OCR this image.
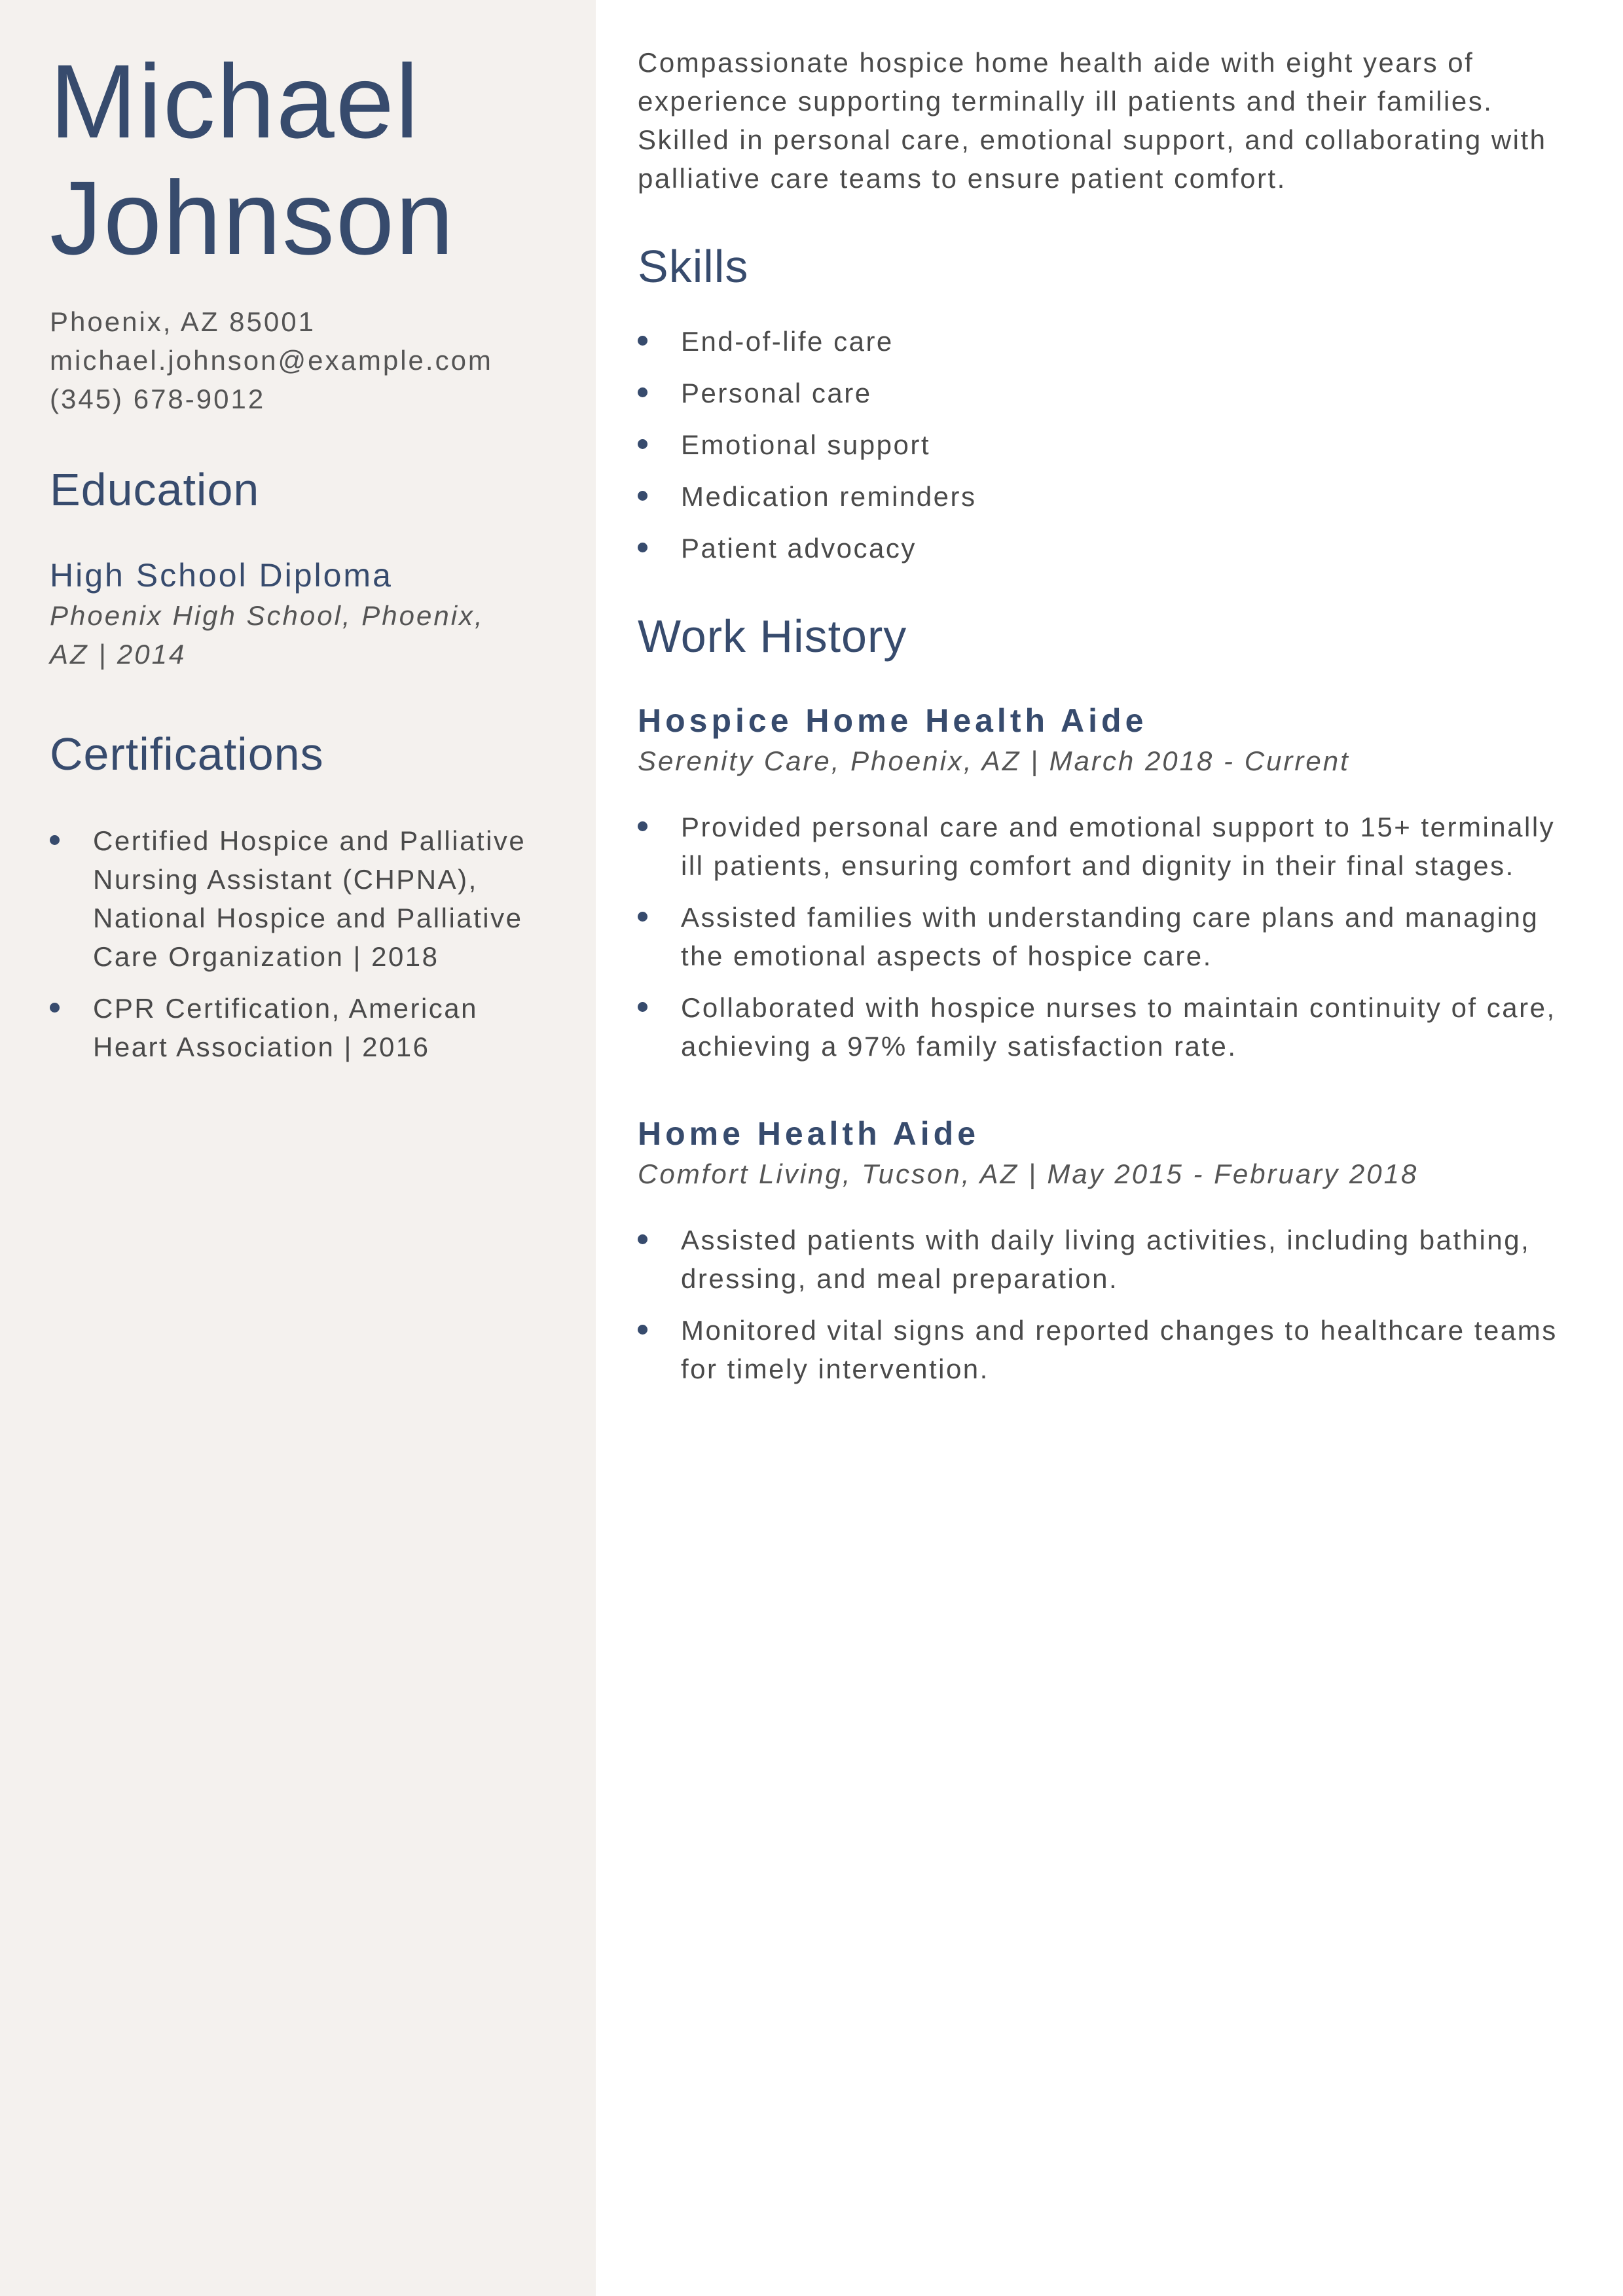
Michael
Johnson
Phoenix, AZ 85001
michael.johnson@example.com
(345) 678-9012
Education
High School Diploma
Phoenix High School, Phoenix, AZ | 2014
Certifications
Certified Hospice and Palliative Nursing Assistant (CHPNA), National Hospice and Palliative Care Organization | 2018
CPR Certification, American Heart Association | 2016

Compassionate hospice home health aide with eight years of experience supporting terminally ill patients and their families. Skilled in personal care, emotional support, and collaborating with palliative care teams to ensure patient comfort.

Skills
End-of-life care
Personal care
Emotional support
Medication reminders
Patient advocacy
Work History
Hospice Home Health Aide
Serenity Care, Phoenix, AZ | March 2018 - Current
Provided personal care and emotional support to 15+ terminally ill patients, ensuring comfort and dignity in their final stages.
Assisted families with understanding care plans and managing the emotional aspects of hospice care.
Collaborated with hospice nurses to maintain continuity of care, achieving a 97% family satisfaction rate.
Home Health Aide
Comfort Living, Tucson, AZ | May 2015 - February 2018
Assisted patients with daily living activities, including bathing, dressing, and meal preparation.
Monitored vital signs and reported changes to healthcare teams for timely intervention.
